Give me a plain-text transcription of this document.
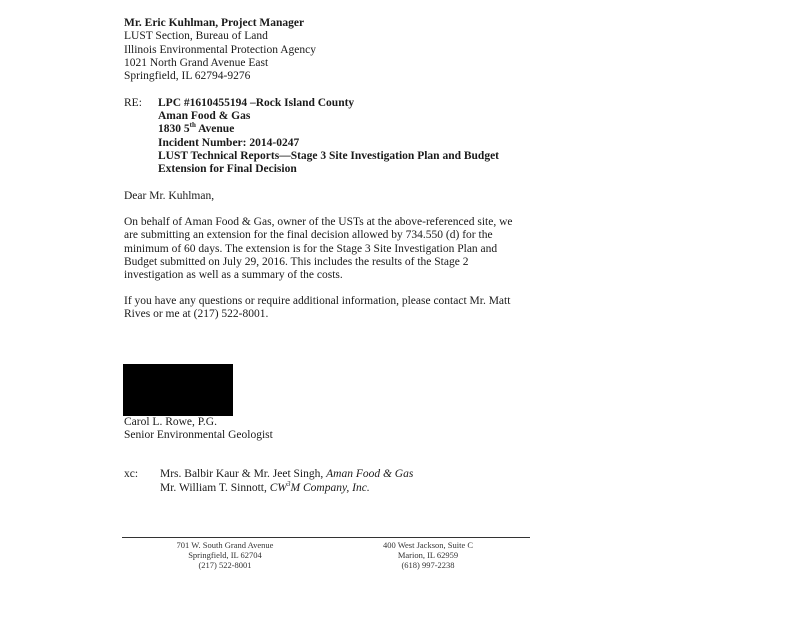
Mr. Eric Kuhlman, Project Manager
LUST Section, Bureau of Land
Illinois Environmental Protection Agency
1021 North Grand Avenue East
Springfield, IL 62794-9276
RE: LPC #1610455194 –Rock Island County
Aman Food & Gas
1830 5th Avenue
Incident Number: 2014-0247
LUST Technical Reports—Stage 3 Site Investigation Plan and Budget
Extension for Final Decision
Dear Mr. Kuhlman,
On behalf of Aman Food & Gas, owner of the USTs at the above-referenced site, we
are submitting an extension for the final decision allowed by 734.550 (d) for the
minimum of 60 days. The extension is for the Stage 3 Site Investigation Plan and
Budget submitted on July 29, 2016. This includes the results of the Stage 2
investigation as well as a summary of the costs.
If you have any questions or require additional information, please contact Mr. Matt
Rives or me at (217) 522-8001.
Carol L. Rowe, P.G.
Senior Environmental Geologist
xc: Mrs. Balbir Kaur & Mr. Jeet Singh, Aman Food & Gas
Mr. William T. Sinnott, $CW^3M$ Company, Inc.
701 W. South Grand Avenue
Springfield, IL 62704
(217) 522-8001
400 West Jackson, Suite C
Marion, IL 62959
(618) 997-2238
